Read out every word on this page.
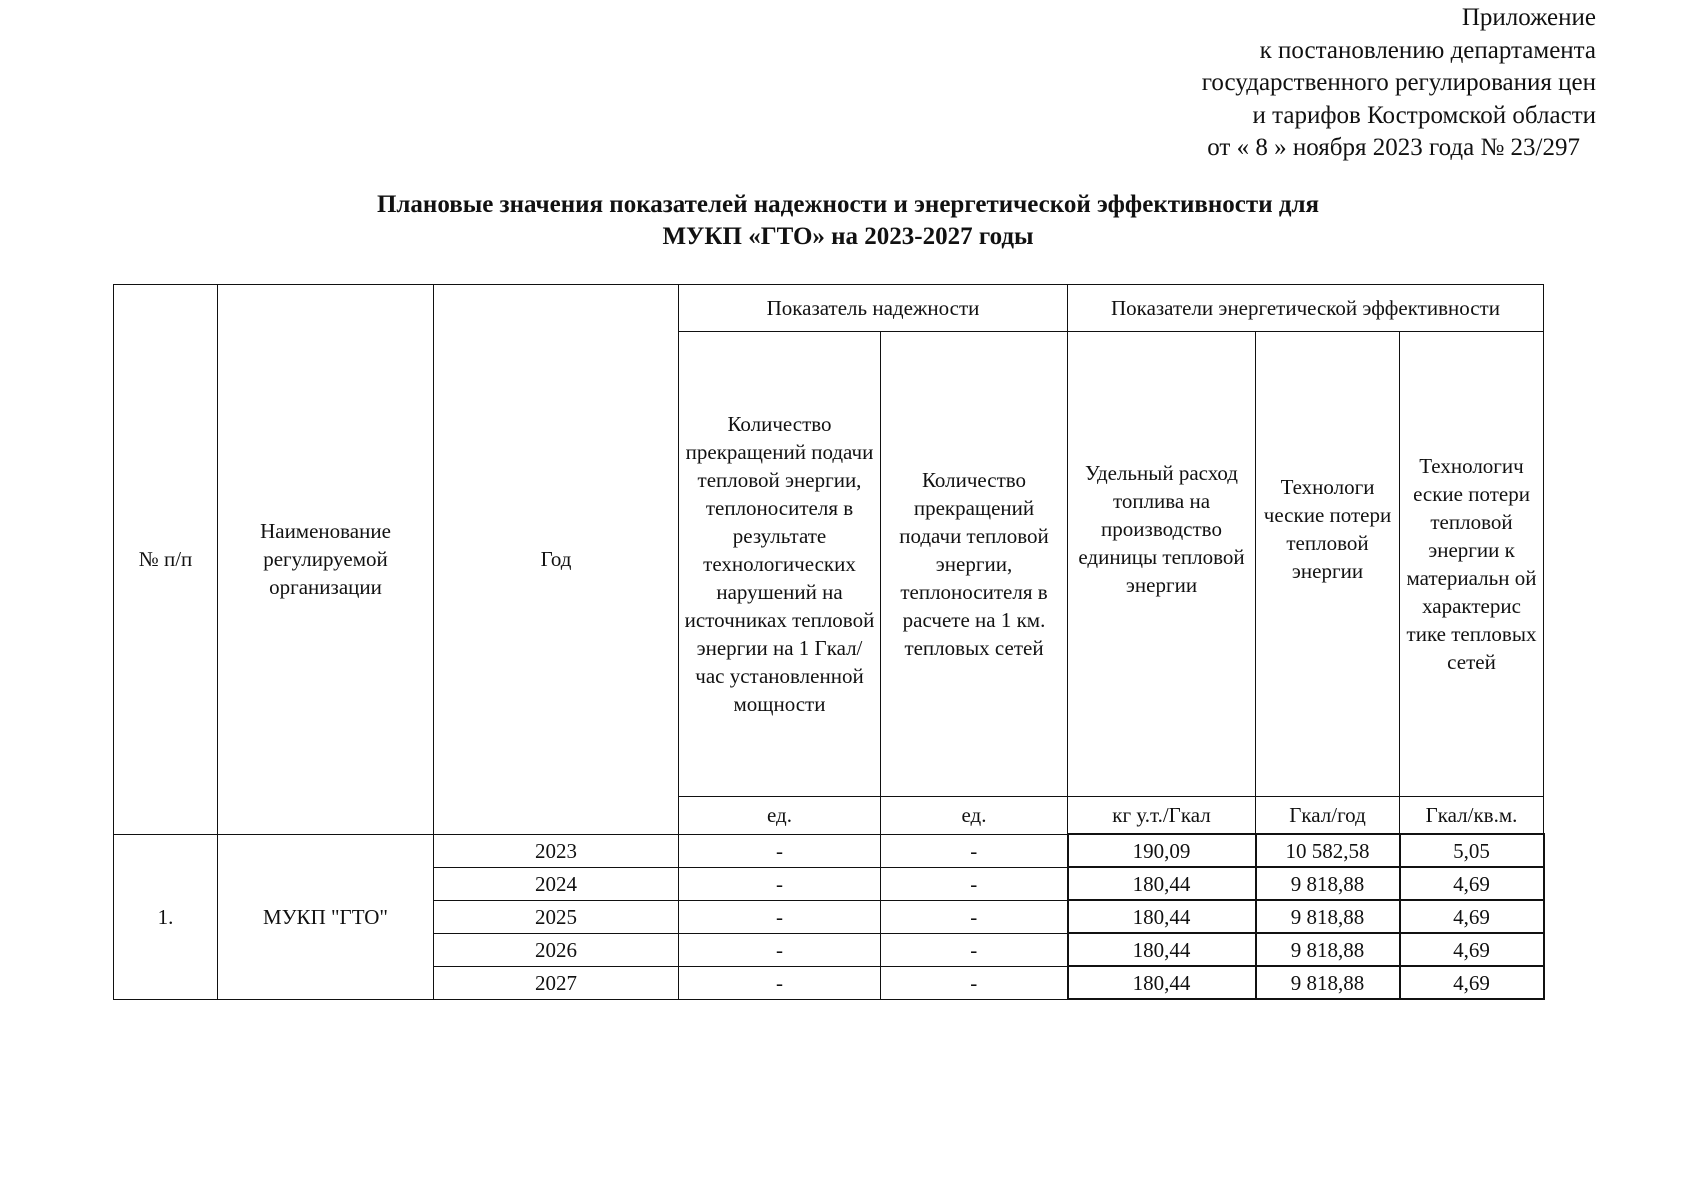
Приложение
к постановлению департамента
государственного регулирования цен
и тарифов Костромской области
от « 8 » ноября 2023 года № 23/297
Плановые значения показателей надежности и энергетической эффективности для
МУКП «ГТО» на 2023-2027 годы
№ п/п	Наименование регулируемой организации	Год	Показатель надежности		Показатели энергетической эффективности		
			Количество прекращений подачи тепловой энергии, теплоносителя в результате технологических нарушений на источниках тепловой энергии на 1 Гкал/час установленной мощности	Количество прекращений подачи тепловой энергии, теплоносителя в расчете на 1 км. тепловых сетей	Удельный расход топлива на производство единицы тепловой энергии	Технологи ческие потери тепловой энергии	Технологич еские потери тепловой энергии к материальн ой характерис тике тепловых сетей
			ед.	ед.	кг у.т./Гкал	Гкал/год	Гкал/кв.м.
1.	МУКП "ГТО"	2023	-	-	190,09	10 582,58	5,05
		2024	-	-	180,44	9 818,88	4,69
		2025	-	-	180,44	9 818,88	4,69
		2026	-	-	180,44	9 818,88	4,69
		2027	-	-	180,44	9 818,88	4,69
